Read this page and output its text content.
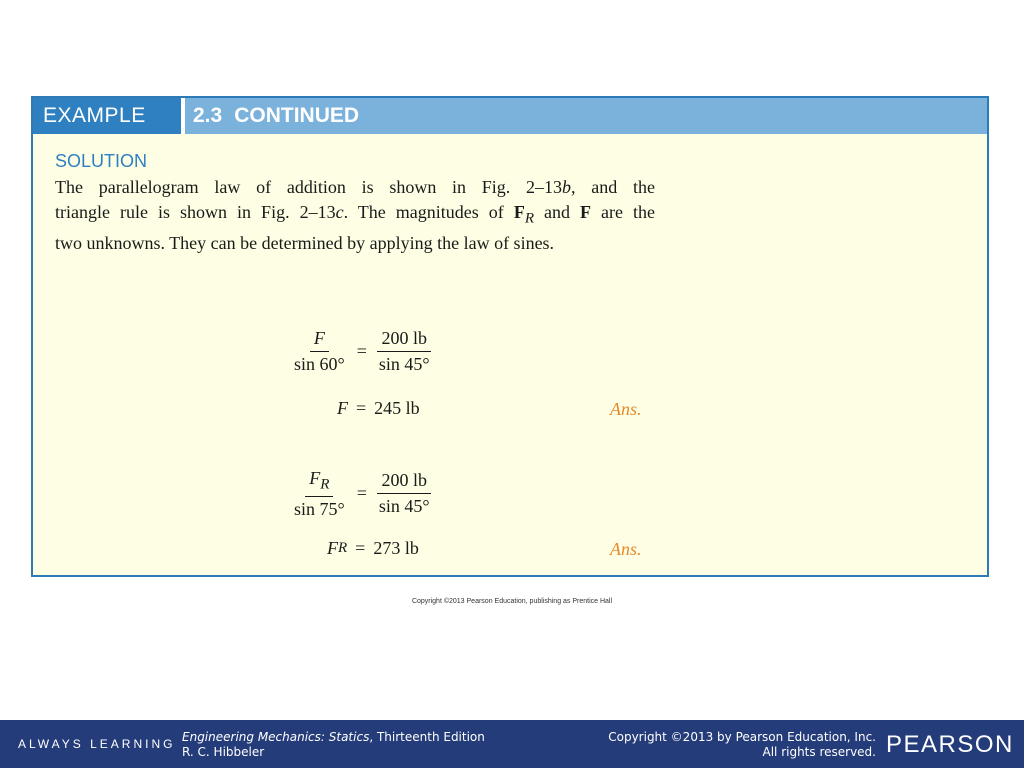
EXAMPLE	2.3 CONTINUED
SOLUTION
The parallelogram law of addition is shown in Fig. 2–13b, and the
triangle rule is shown in Fig. 2–13c. The magnitudes of $F_R$ and F are the
two unknowns. They can be determined by applying the law of sines.
$\frac{F}{\sin 60^\circ} = \frac{200 lb}{\sin 45^\circ}$
F = 245 lb	Ans.
$\frac{F_R}{\sin 75^\circ} = \frac{200 lb}{\sin 45^\circ}$
F R = 273 lb	Ans.
Copyright ©2013 Pearson Education, publishing as Prentice Hall
ALWAYS LEARNING Engineering Mechanics: Statics, Thirteenth Edition
R. C. Hibbeler
Copyright ©2013 by Pearson Education, Inc.
All rights reserved. PEARSON
